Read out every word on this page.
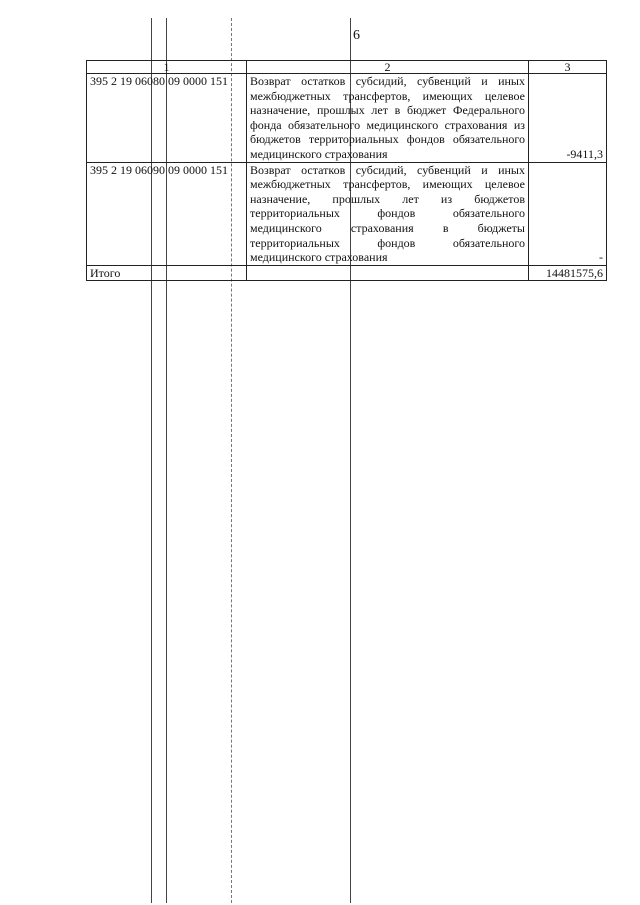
6
1	2	3
395 2 19 06080 09 0000 151	Возврат остатков субсидий, субвенций и иных межбюджетных трансфертов, имеющих целевое назначение, прошлых лет в бюджет Федерального фонда обязательного медицинского страхования из бюджетов территориальных фондов обязательного медицинского страхования	-9411,3
395 2 19 06090 09 0000 151	Возврат остатков субсидий, субвенций и иных межбюджетных трансфертов, имеющих целевое назначение, прошлых лет из бюджетов территориальных фондов обязательного медицинского страхования в бюджеты территориальных фондов обязательного медицинского страхования	-
Итого		14481575,6
